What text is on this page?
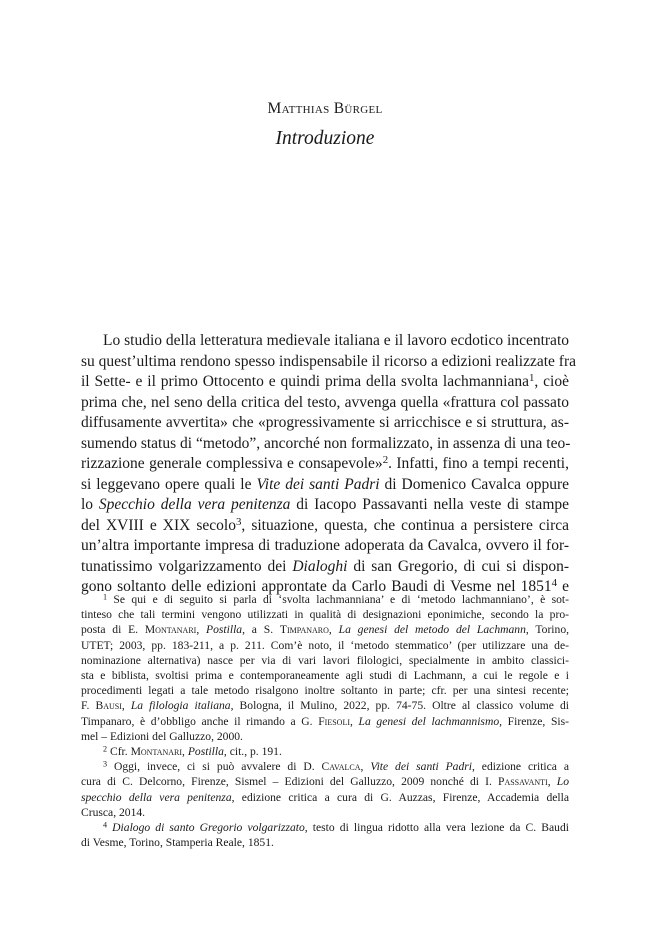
Matthias Bürgel
Introduzione
Lo studio della letteratura medievale italiana e il lavoro ecdotico incentrato
su quest’ultima rendono spesso indispensabile il ricorso a edizioni realizzate fra
il Sette- e il primo Ottocento e quindi prima della svolta lachmanniana$^1$, cioè
prima che, nel seno della critica del testo, avvenga quella «frattura col passato
diffusamente avvertita» che «progressivamente si arricchisce e si struttura, as-
sumendo status di “metodo”, ancorché non formalizzato, in assenza di una teo-
rizzazione generale complessiva e consapevole»$^2$. Infatti, fino a tempi recenti,
si leggevano opere quali le Vite dei santi Padri di Domenico Cavalca oppure
lo Specchio della vera penitenza di Iacopo Passavanti nella veste di stampe
del XVIII e XIX secolo$^3$, situazione, questa, che continua a persistere circa
un’altra importante impresa di traduzione adoperata da Cavalca, ovvero il for-
tunatissimo volgarizzamento dei Dialoghi di san Gregorio, di cui si dispon-
gono soltanto delle edizioni approntate da Carlo Baudi di Vesme nel 1851$^4$ e
$^1$ Se qui e di seguito si parla di ‘svolta lachmanniana’ e di ‘metodo lachmanniano’, è sot-
tinteso che tali termini vengono utilizzati in qualità di designazioni eponimiche, secondo la pro-
posta di E. Montanari, Postilla, a S. Timpanaro, La genesi del metodo del Lachmann, Torino,
UTET; 2003, pp. 183-211, a p. 211. Com’è noto, il ‘metodo stemmatico’ (per utilizzare una de-
nominazione alternativa) nasce per via di vari lavori filologici, specialmente in ambito classici-
sta e biblista, svoltisi prima e contemporaneamente agli studi di Lachmann, a cui le regole e i
procedimenti legati a tale metodo risalgono inoltre soltanto in parte; cfr. per una sintesi recente;
F. Bausi, La filologia italiana, Bologna, il Mulino, 2022, pp. 74-75. Oltre al classico volume di
Timpanaro, è d’obbligo anche il rimando a G. Fiesoli, La genesi del lachmannismo, Firenze, Sis-
mel – Edizioni del Galluzzo, 2000.
$^2$ Cfr. Montanari, Postilla, cit., p. 191.
$^3$ Oggi, invece, ci si può avvalere di D. Cavalca, Vite dei santi Padri, edizione critica a
cura di C. Delcorno, Firenze, Sismel – Edizioni del Galluzzo, 2009 nonché di I. Passavanti, Lo
specchio della vera penitenza, edizione critica a cura di G. Auzzas, Firenze, Accademia della
Crusca, 2014.
$^4$ Dialogo di santo Gregorio volgarizzato, testo di lingua ridotto alla vera lezione da C. Baudi
di Vesme, Torino, Stamperia Reale, 1851.
